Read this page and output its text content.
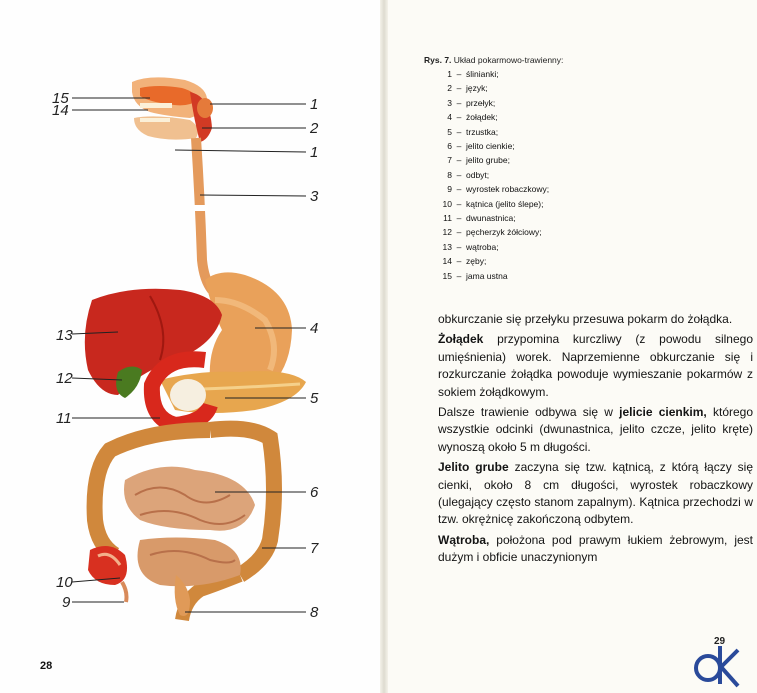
15
14
13
12
11
10
9
1
2
1
3
4
5
6
7
8
28
Rys. 7. Układ pokarmowo-trawienny:
1 – ślinianki;
2 – język;
3 – przełyk;
4 – żołądek;
5 – trzustka;
6 – jelito cienkie;
7 – jelito grube;
8 – odbyt;
9 – wyrostek robaczkowy;
10 – kątnica (jelito ślepe);
11 – dwunastnica;
12 – pęcherzyk żółciowy;
13 – wątroba;
14 – zęby;
15 – jama ustna

obkurczanie się przełyku przesuwa pokarm do żołądka.

Żołądek przypomina kurczliwy (z powodu silnego umięśnienia) worek. Naprzemienne obkurczanie się i rozkurczanie żołądka powoduje wymieszanie pokarmów z sokiem żołądkowym.

Dalsze trawienie odbywa się w jelicie cienkim, którego wszystkie odcinki (dwunastnica, jelito czcze, jelito kręte) wynoszą około 5 m długości.

Jelito grube zaczyna się tzw. kątnicą, z którą łączy się cienki, około 8 cm długości, wyrostek robaczkowy (ulegający często stanom zapalnym). Kątnica przechodzi w tzw. okrężnicę zakończoną odbytem.

Wątroba, położona pod prawym łukiem żebrowym, jest dużym i obficie unaczynionym

29
